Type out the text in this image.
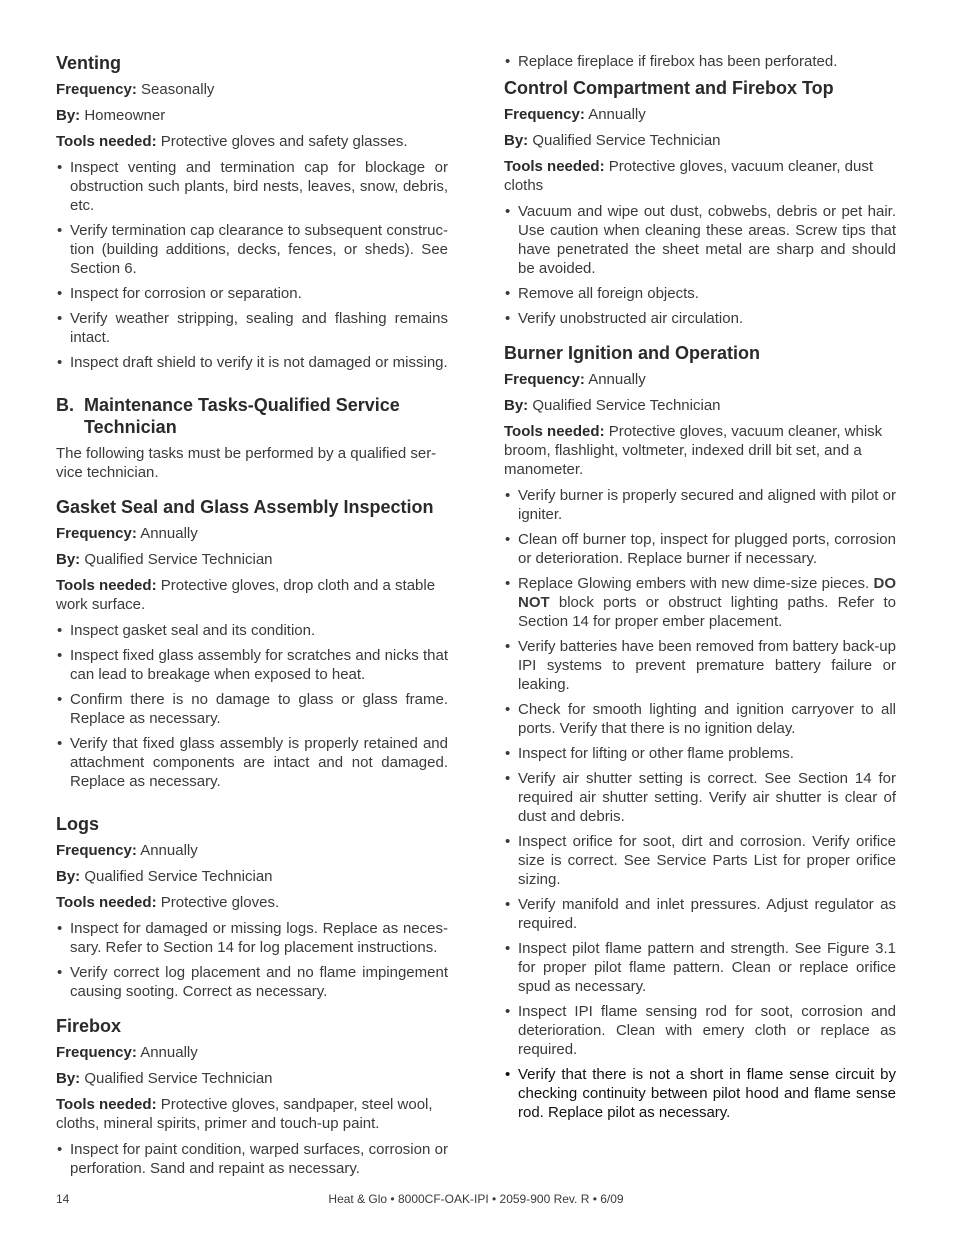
Venting

Frequency: Seasonally

By: Homeowner

Tools needed: Protective gloves and safety glasses.

• Inspect venting and termination cap for blockage or obstruction such plants, bird nests, leaves, snow, debris, etc.
• Verify termination cap clearance to subsequent construc-tion (building additions, decks, fences, or sheds). See Section 6.
• Inspect for corrosion or separation.
• Verify weather stripping, sealing and flashing remains intact.
• Inspect draft shield to verify it is not damaged or missing.
B. Maintenance Tasks-Qualified Service Technician

The following tasks must be performed by a qualified ser-vice technician.

Gasket Seal and Glass Assembly Inspection

Frequency: Annually

By: Qualified Service Technician

Tools needed: Protective gloves, drop cloth and a stable work surface.

• Inspect gasket seal and its condition.
• Inspect fixed glass assembly for scratches and nicks that can lead to breakage when exposed to heat.
• Confirm there is no damage to glass or glass frame. Replace as necessary.
• Verify that fixed glass assembly is properly retained and attachment components are intact and not damaged. Replace as necessary.
Logs

Frequency: Annually

By: Qualified Service Technician

Tools needed: Protective gloves.

• Inspect for damaged or missing logs. Replace as neces-sary. Refer to Section 14 for log placement instructions.
• Verify correct log placement and no flame impingement causing sooting. Correct as necessary.
Firebox

Frequency: Annually

By: Qualified Service Technician

Tools needed: Protective gloves, sandpaper, steel wool, cloths, mineral spirits, primer and touch-up paint.

• Inspect for paint condition, warped surfaces, corrosion or perforation. Sand and repaint as necessary.
• Replace fireplace if firebox has been perforated.
Control Compartment and Firebox Top

Frequency: Annually

By: Qualified Service Technician

Tools needed: Protective gloves, vacuum cleaner, dust cloths

• Vacuum and wipe out dust, cobwebs, debris or pet hair. Use caution when cleaning these areas. Screw tips that have penetrated the sheet metal are sharp and should be avoided.
• Remove all foreign objects.
• Verify unobstructed air circulation.
Burner Ignition and Operation

Frequency: Annually

By: Qualified Service Technician

Tools needed: Protective gloves, vacuum cleaner, whisk broom, flashlight, voltmeter, indexed drill bit set, and a manometer.

• Verify burner is properly secured and aligned with pilot or igniter.
• Clean off burner top, inspect for plugged ports, corrosion or deterioration. Replace burner if necessary.
• Replace Glowing embers with new dime-size pieces. DO NOT block ports or obstruct lighting paths. Refer to Section 14 for proper ember placement.
• Verify batteries have been removed from battery back-up IPI systems to prevent premature battery failure or leaking.
• Check for smooth lighting and ignition carryover to all ports. Verify that there is no ignition delay.
• Inspect for lifting or other flame problems.
• Verify air shutter setting is correct. See Section 14 for required air shutter setting. Verify air shutter is clear of dust and debris.
• Inspect orifice for soot, dirt and corrosion. Verify orifice size is correct. See Service Parts List for proper orifice sizing.
• Verify manifold and inlet pressures. Adjust regulator as required.
• Inspect pilot flame pattern and strength. See Figure 3.1 for proper pilot flame pattern. Clean or replace orifice spud as necessary.
• Inspect IPI flame sensing rod for soot, corrosion and deterioration. Clean with emery cloth or replace as required.
• Verify that there is not a short in flame sense circuit by checking continuity between pilot hood and flame sense rod. Replace pilot as necessary.
14	Heat & Glo • 8000CF-OAK-IPI • 2059-900 Rev. R • 6/09
